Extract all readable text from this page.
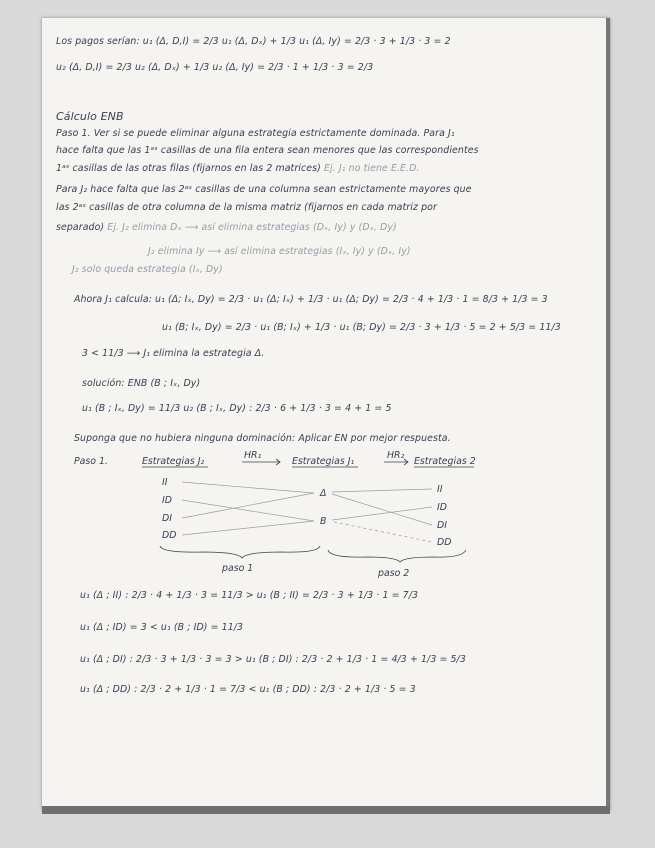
Los pagos serían: u₁ (Δ, D,I) = 2/3 u₁ (Δ, Dₓ) + 1/3 u₁ (Δ, Iy) = 2/3 · 3 + 1/3 · 3 = 2
u₂ (Δ, D,I) = 2/3 u₂ (Δ, Dₓ) + 1/3 u₂ (Δ, Iy) = 2/3 · 1 + 1/3 · 3 = 2/3
Cálculo ENB
Paso 1. Ver si se puede eliminar alguna estrategia estrictamente dominada. Para J₁
hace falta que las 1ᵃˢ casillas de una fila entera sean menores que las correspondientes
1ᵃˢ casillas de las otras filas (fijarnos en las 2 matrices) Ej. J₁ no tiene E.E.D.
Para J₂ hace falta que las 2ᵃˢ casillas de una columna sean estrictamente mayores que
las 2ᵃˢ casillas de otra columna de la misma matriz (fijarnos en cada matriz por
separado) Ej. J₂ elimina Dₓ ⟶ así elimina estrategias (Dₓ, Iy) y (Dₓ, Dy)
J₂ elimina Iy ⟶ así elimina estrategias (Iₓ, Iy) y (Dₓ, Iy)
J₂ solo queda estrategia (Iₓ, Dy)
Ahora J₁ calcula: u₁ (Δ; Iₓ, Dy) = 2/3 · u₁ (Δ; Iₓ) + 1/3 · u₁ (Δ; Dy) = 2/3 · 4 + 1/3 · 1 = 8/3 + 1/3 = 3
u₁ (B; Iₓ, Dy) = 2/3 · u₁ (B; Iₓ) + 1/3 · u₁ (B; Dy) = 2/3 · 3 + 1/3 · 5 = 2 + 5/3 = 11/3
3 < 11/3 ⟶ J₁ elimina la estrategia Δ.
solución: ENB (B ; Iₓ, Dy)
u₁ (B ; Iₓ, Dy) = 11/3 u₂ (B ; Iₓ, Dy) : 2/3 · 6 + 1/3 · 3 = 4 + 1 = 5
Suponga que no hubiera ninguna dominación: Aplicar EN por mejor respuesta.
Paso 1.	Estrategias J₂
HR₁
Estrategias J₁
HR₂
Estrategias 2
II
ID
DI
DD
Δ
B
II
ID
DI
DD
paso 1	paso 2
u₁ (Δ ; II) : 2/3 · 4 + 1/3 · 3 = 11/3 > u₁ (B ; II) = 2/3 · 3 + 1/3 · 1 = 7/3
u₁ (Δ ; ID) = 3 < u₁ (B ; ID) = 11/3
u₁ (Δ ; DI) : 2/3 · 3 + 1/3 · 3 = 3 > u₁ (B ; DI) : 2/3 · 2 + 1/3 · 1 = 4/3 + 1/3 = 5/3
u₁ (Δ ; DD) : 2/3 · 2 + 1/3 · 1 = 7/3 < u₁ (B ; DD) : 2/3 · 2 + 1/3 · 5 = 3
